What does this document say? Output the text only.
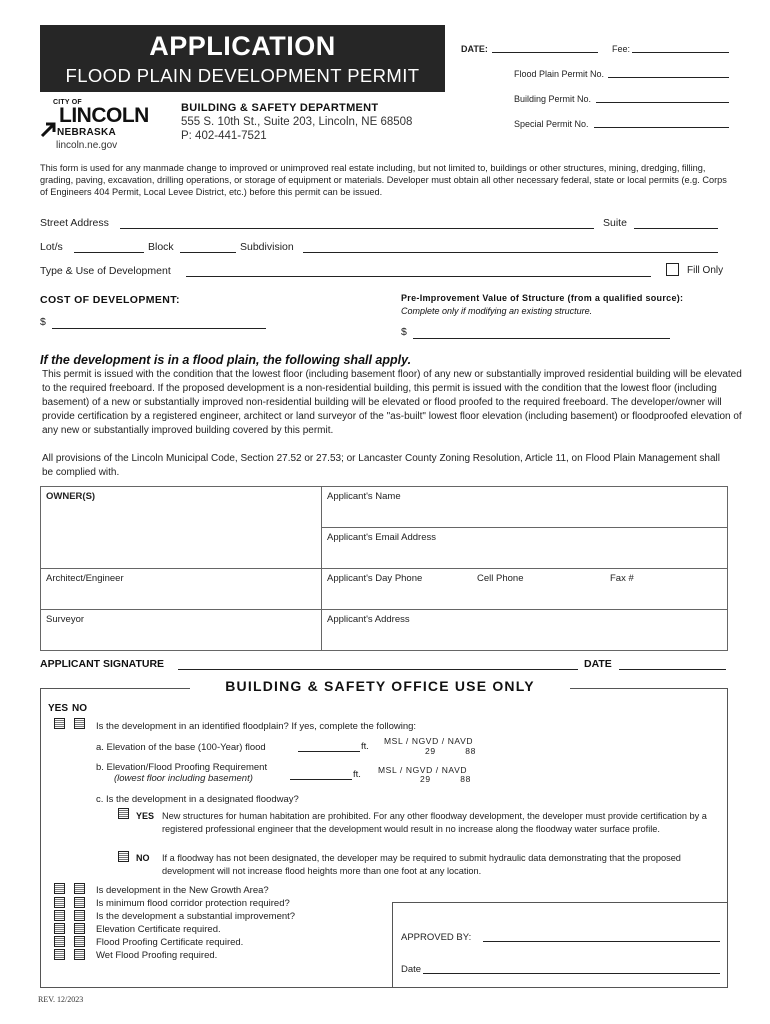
APPLICATION
FLOOD PLAIN DEVELOPMENT PERMIT
DATE:	Fee:
Flood Plain Permit No.
Building Permit No.
Special Permit No.
CITY OF
LINCOLN
NEBRASKA
lincoln.ne.gov
BUILDING & SAFETY DEPARTMENT
555 S. 10th St., Suite 203, Lincoln, NE 68508
P: 402-441-7521
This form is used for any manmade change to improved or unimproved real estate including, but not limited to, buildings or other structures, mining, dredging, filling, grading, paving, excavation, drilling operations, or storage of equipment or materials. Developer must obtain all other necessary federal, state or local permits (e.g. Corps of Engineers 404 Permit, Local Levee District, etc.) before this permit can be issued.
Street Address	Suite
Lot/s	Block	Subdivision
Type & Use of Development	Fill Only
COST OF DEVELOPMENT:
$
Pre-Improvement Value of Structure (from a qualified source):
Complete only if modifying an existing structure.
$
If the development is in a flood plain, the following shall apply.
This permit is issued with the condition that the lowest floor (including basement floor) of any new or substantially improved residential building will be elevated to the required freeboard. If the proposed development is a non-residential building, this permit is issued with the condition that the lowest floor (including basement) of a new or substantially improved non-residential building will be elevated or flood proofed to the required freeboard. The developer/owner will provide certification by a registered engineer, architect or land surveyor of the "as-built" lowest floor elevation (including basement) or floodproofed elevation of any new or substantially improved building covered by this permit.
All provisions of the Lincoln Municipal Code, Section 27.52 or 27.53; or Lancaster County Zoning Resolution, Article 11, on Flood Plain Management shall be complied with.
OWNER(S)	Applicant's Name
	Applicant's Email Address
Architect/Engineer	Applicant's Day Phone Cell Phone Fax #

Surveyor	Applicant's Address
APPLICANT SIGNATURE	DATE
BUILDING & SAFETY OFFICE USE ONLY
YES NO
Is the development in an identified floodplain? If yes, complete the following:
a. Elevation of the base (100-Year) flood	ft. MSL / NGVD / NAVD
29          88
b. Elevation/Flood Proofing Requirement
(lowest floor including basement)	ft. MSL / NGVD / NAVD
29          88
c. Is the development in a designated floodway?
YES New structures for human habitation are prohibited. For any other floodway development, the developer must provide certification by a registered professional engineer that the development would result in no increase along the floodway water surface profile.
NO If a floodway has not been designated, the developer may be required to submit hydraulic data demonstrating that the proposed development will not increase flood heights more than one foot at any location.
Is development in the New Growth Area?
Is minimum flood corridor protection required?
Is the development a substantial improvement?
Elevation Certificate required.
Flood Proofing Certificate required.
Wet Flood Proofing required.
APPROVED BY:
Date
REV. 12/2023
